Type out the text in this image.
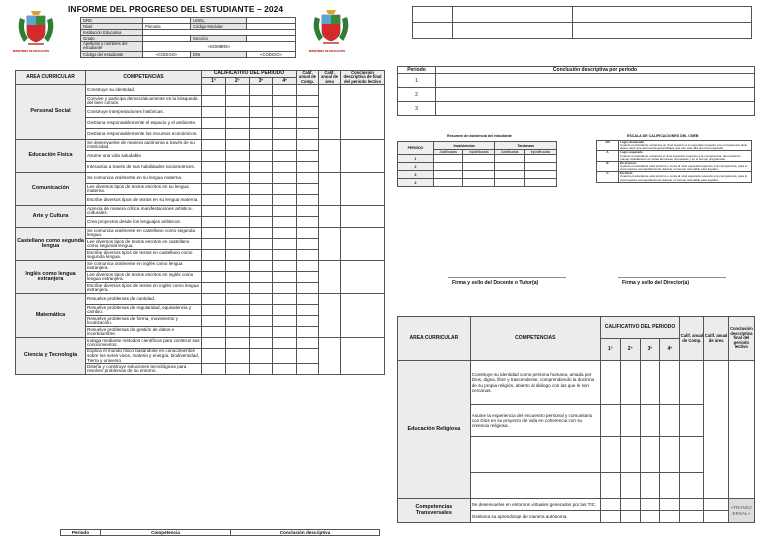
MINISTERIO DE EDUCACIÓN
INFORME DEL PROGRESO DEL ESTUDIANTE – 2024
MINISTERIO DE EDUCACIÓN
DRE:		UGEL:	
Nivel	Primaria	Código Modular:	
Institución Educativa			
Grado		Sección	
Apellidos y nombres del estudiante	«NOMBRE»		
Código del estudiante	«CODIGO»	DNI	«CODIGO»
AREA CURRICULAR	COMPETENCIAS	CALIFICATIVO DEL PERIODO				Calif. anual de Comp.	Calif. anual de área	Conclusión descriptiva de final del periodo lectivo
		1º	2º	3º	4º			
Personal Social	Construye su identidad.							
	Convive y participa democráticamente en la búsqueda del bien común.							
	Construye interpretaciones históricas.							
	Gestiona responsablemente el espacio y el ambiente.							
	Gestiona responsablemente los recursos económicos.							
Educación Física	Se desenvuelve de manera autónoma a través de su motricidad.							
	Asume una vida saludable.							
	Interactúa a través de sus habilidades sociomotrices.							
Comunicación	Se comunica oralmente en su lengua materna.							
	Lee diversos tipos de textos escritos en su lengua materna.							
	Escribe diversos tipos de textos en su lengua materna.							
Arte y Cultura	Aprecia de manera crítica manifestaciones artístico-culturales.							
	Crea proyectos desde los lenguajes artísticos.							
Castellano como segunda lengua	Se comunica oralmente en castellano como segunda lengua.							
	Lee diversos tipos de textos escritos en castellano como segunda lengua.							
	Escribe diversos tipos de textos en castellano como segunda lengua.							
Inglés como lengua extranjera	Se comunica oralmente en inglés como lengua extranjera.							
	Lee diversos tipos de textos escritos en inglés como lengua extranjera.							
	Escribe diversos tipos de textos en inglés como lengua extranjera.							
Matemática	Resuelve problemas de cantidad.							
	Resuelve problemas de regularidad, equivalencia y cambio.							
	Resuelve problemas de forma, movimiento y localización.							
	Resuelve problemas de gestión de datos e incertidumbre.							
Ciencia y Tecnología	Indaga mediante métodos científicos para construir sus conocimientos.							
	Explica el mundo físico basándose en conocimientos sobre los seres vivos, materia y energía, biodiversidad, Tierra y universo.							
	Diseña y construye soluciones tecnológicas para resolver problemas de su entorno.							
Periodo	Competencia	Conclusión descriptiva

Periodo	Conclusión descriptiva por periodo
1	
2	
3	
Resumen de asistencia del estudiante
PERIODO	Inasistencias		Tardanzas	
	Justificadas	Injustificadas	Justificadas	Injustificadas
1				
2				
3				
4				
ESCALA DE CALIFICACIONES DEL CNEB
AD	Logro destacado
Cuando el estudiante evidencia un nivel superior a lo esperado respecto a la competencia. Esto quiere decir que demuestra aprendizajes que van más allá del nivel esperado.

A	Logro esperado
Cuando el estudiante evidencia el nivel esperado respecto a la competencia, demostrando manejo satisfactorio en todas las tareas propuestas y en el tiempo programado.

B	En proceso
Cuando el estudiante está próximo o cerca al nivel esperado respecto a la competencia, para lo cual requiere acompañamiento durante un tiempo razonable para lograrlo.

C	En inicio
Cuando el estudiante está próximo o cerca al nivel esperado respecto a la competencia, para lo cual requiere acompañamiento durante un tiempo razonable para lograrlo.
Firma y sello del Docente o Tutor(a)	Firma y sello del Director(a)
AREA CURRICULAR	COMPETENCIAS	CALIFICATIVO DEL PERIODO				Calif. anual de Comp.	Calif. anual de área	Conclusión descriptiva final del periodo lectivo
		1º	2º	3º	4º			
Educación Religiosa	Construye su identidad como persona humana, amada por Dios, digna, libre y trascendente, comprendiendo la doctrina de su propia religión, abierto al diálogo con las que le son cercanas.							
	Asume la experiencia del encuentro personal y comunitario con Dios en su proyecto de vida en coherencia con su creencia religiosa.							

Competencias Transversales	Se desenvuelve en entornos virtuales generados por las TIC.							«TRANSVERSAL»
	Gestiona su aprendizaje de manera autónoma.							
